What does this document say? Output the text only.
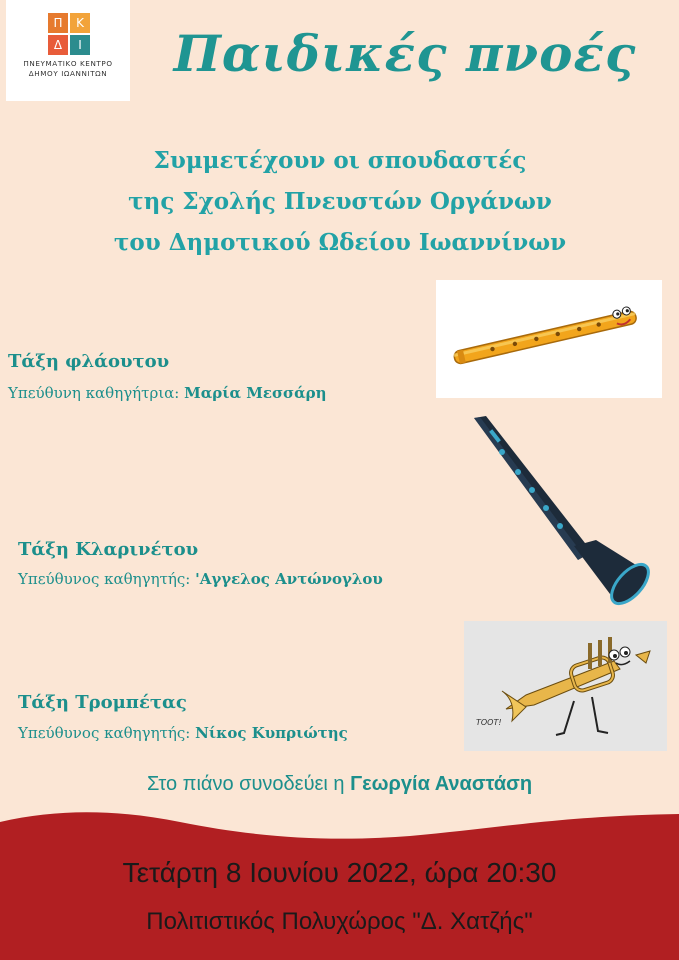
Π	Κ
Δ	Ι
ΠΝΕΥΜΑΤΙΚΟ ΚΕΝΤΡΟ
ΔΗΜΟΥ ΙΩΑΝΝΙΤΩΝ	Παιδικές πνοές
Συμμετέχουν οι σπουδαστές
της Σχολής Πνευστών Οργάνων
του Δημοτικού Ωδείου Ιωαννίνων
Τάξη φλάουτου
Υπεύθυνη καθηγήτρια: Μαρία Μεσσάρη
Τάξη Κλαρινέτου
Υπεύθυνος καθηγητής: 'Αγγελος Αντώνογλου
TOOT!
Τάξη Τρομπέτας
Υπεύθυνος καθηγητής: Νίκος Κυπριώτης
Στο πιάνο συνοδεύει η Γεωργία Αναστάση
Τετάρτη 8 Ιουνίου 2022, ώρα 20:30
Πολιτιστικός Πολυχώρος "Δ. Χατζής"
